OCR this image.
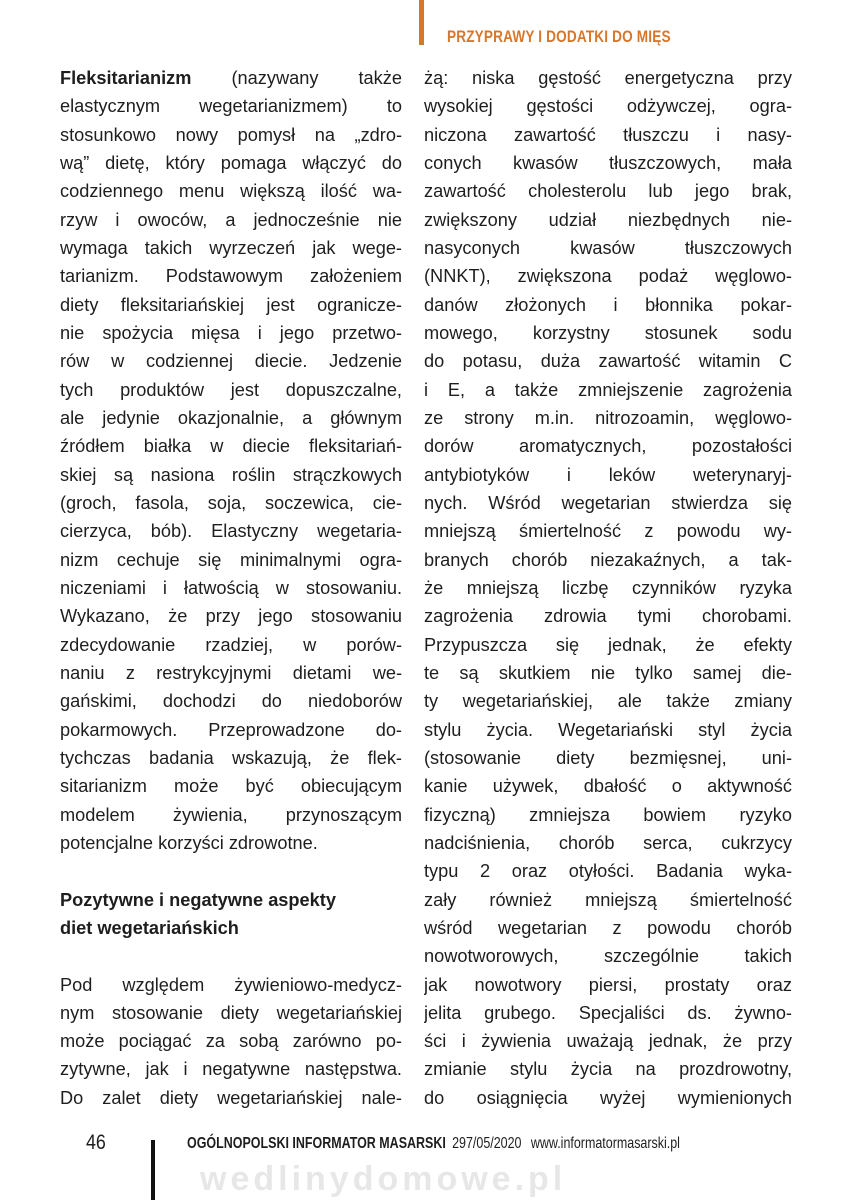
PRZYPRAWY I DODATKI DO MIĘS
Fleksitarianizm (nazywany także
elastycznym wegetarianizmem) to
stosunkowo nowy pomysł na „zdro-
wą” dietę, który pomaga włączyć do
codziennego menu większą ilość wa-
rzyw i owoców, a jednocześnie nie
wymaga takich wyrzeczeń jak wege-
tarianizm. Podstawowym założeniem
diety fleksitariańskiej jest ogranicze-
nie spożycia mięsa i jego przetwo-
rów w codziennej diecie. Jedzenie
tych produktów jest dopuszczalne,
ale jedynie okazjonalnie, a głównym
źródłem białka w diecie fleksitariań-
skiej są nasiona roślin strączkowych
(groch, fasola, soja, soczewica, cie-
cierzyca, bób). Elastyczny wegetaria-
nizm cechuje się minimalnymi ogra-
niczeniami i łatwością w stosowaniu.
Wykazano, że przy jego stosowaniu
zdecydowanie rzadziej, w porów-
naniu z restrykcyjnymi dietami we-
gańskimi, dochodzi do niedoborów
pokarmowych. Przeprowadzone do-
tychczas badania wskazują, że flek-
sitarianizm może być obiecującym
modelem żywienia, przynoszącym
potencjalne korzyści zdrowotne.
Pozytywne i negatywne aspekty
diet wegetariańskich
Pod względem żywieniowo-medycz-
nym stosowanie diety wegetariańskiej
może pociągać za sobą zarówno po-
zytywne, jak i negatywne następstwa.
Do zalet diety wegetariańskiej nale-
żą: niska gęstość energetyczna przy
wysokiej gęstości odżywczej, ogra-
niczona zawartość tłuszczu i nasy-
conych kwasów tłuszczowych, mała
zawartość cholesterolu lub jego brak,
zwiększony udział niezbędnych nie-
nasyconych kwasów tłuszczowych
(NNKT), zwiększona podaż węglowo-
danów złożonych i błonnika pokar-
mowego, korzystny stosunek sodu
do potasu, duża zawartość witamin C
i E, a także zmniejszenie zagrożenia
ze strony m.in. nitrozoamin, węglowo-
dorów aromatycznych, pozostałości
antybiotyków i leków weterynaryj-
nych. Wśród wegetarian stwierdza się
mniejszą śmiertelność z powodu wy-
branych chorób niezakaźnych, a tak-
że mniejszą liczbę czynników ryzyka
zagrożenia zdrowia tymi chorobami.
Przypuszcza się jednak, że efekty
te są skutkiem nie tylko samej die-
ty wegetariańskiej, ale także zmiany
stylu życia. Wegetariański styl życia
(stosowanie diety bezmięsnej, uni-
kanie używek, dbałość o aktywność
fizyczną) zmniejsza bowiem ryzyko
nadciśnienia, chorób serca, cukrzycy
typu 2 oraz otyłości. Badania wyka-
zały również mniejszą śmiertelność
wśród wegetarian z powodu chorób
nowotworowych, szczególnie takich
jak nowotwory piersi, prostaty oraz
jelita grubego. Specjaliści ds. żywno-
ści i żywienia uważają jednak, że przy
zmianie stylu życia na prozdrowotny,
do osiągnięcia wyżej wymienionych
wedlinydomowe.pl
46	OGÓLNOPOLSKI INFORMATOR MASARSKI 297/05/2020 www.informatormasarski.pl
